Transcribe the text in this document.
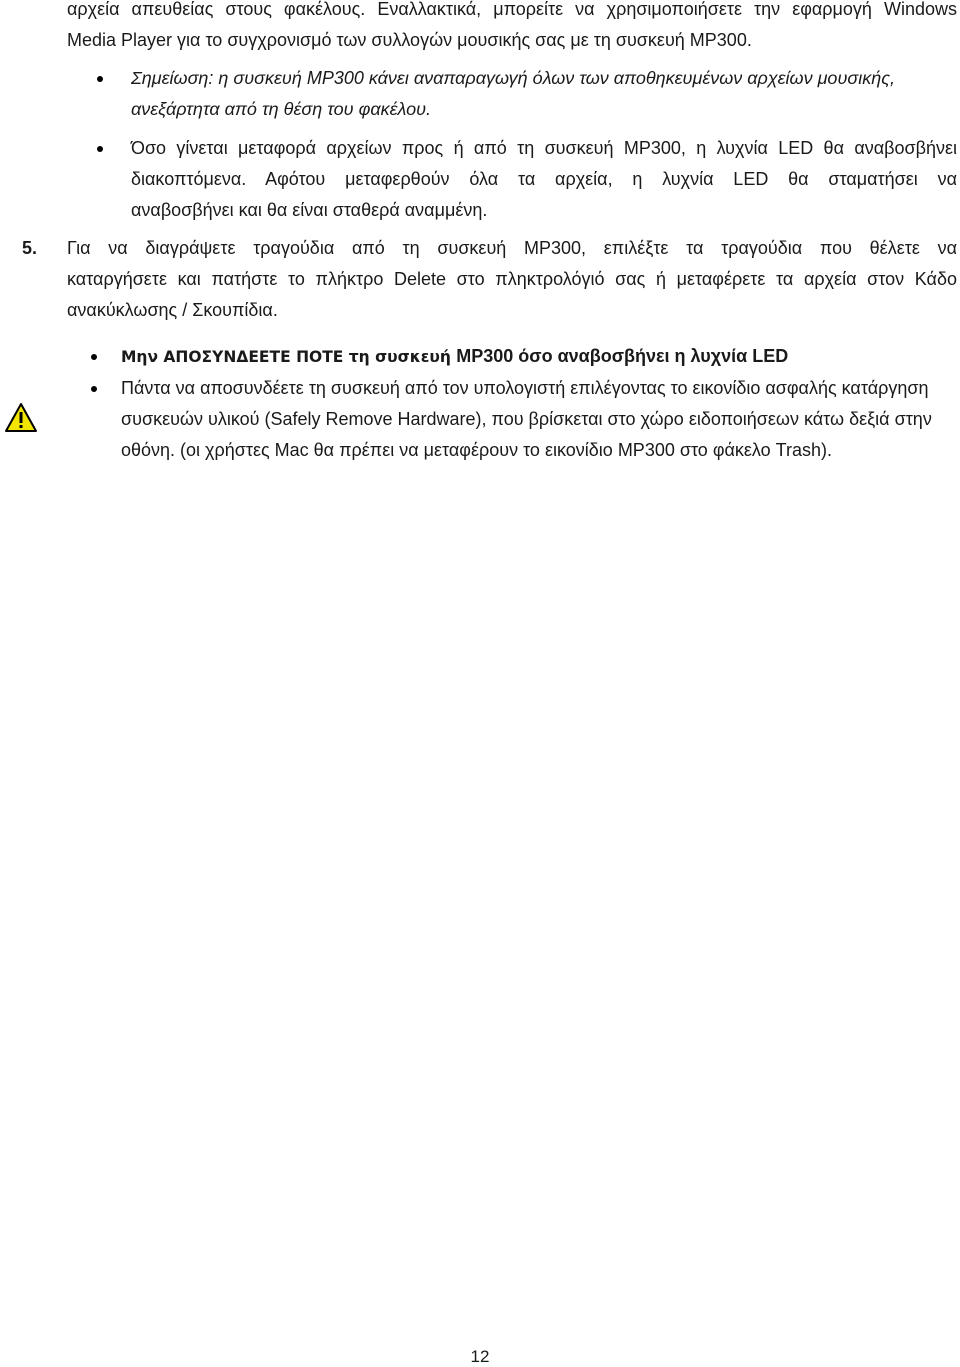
αρχεία απευθείας στους φακέλους. Εναλλακτικά, μπορείτε να χρησιμοποιήσετε την εφαρμογή Windows
Media Player για το συγχρονισμό των συλλογών μουσικής σας με τη συσκευή MP300.
Σημείωση: η συσκευή MP300 κάνει αναπαραγωγή όλων των αποθηκευμένων αρχείων μουσικής, ανεξάρτητα από τη θέση του φακέλου.
Όσο γίνεται μεταφορά αρχείων προς ή από τη συσκευή MP300, η λυχνία LED θα αναβοσβήνει
διακοπτόμενα. Αφότου μεταφερθούν όλα τα αρχεία, η λυχνία LED θα σταματήσει να
αναβοσβήνει και θα είναι σταθερά αναμμένη.
5. Για να διαγράψετε τραγούδια από τη συσκευή MP300, επιλέξτε τα τραγούδια που θέλετε να
καταργήσετε και πατήστε το πλήκτρο Delete στο πληκτρολόγιό σας ή μεταφέρετε τα αρχεία στον Κάδο
ανακύκλωσης / Σκουπίδια.
Μην ΑΠΟΣΥΝΔΕΕΤΕ ΠΟΤΕ τη συσκευή MP300 όσο αναβοσβήνει η λυχνία LED
Πάντα να αποσυνδέετε τη συσκευή από τον υπολογιστή επιλέγοντας το εικονίδιο ασφαλής κατάργηση συσκευών υλικού (Safely Remove Hardware), που βρίσκεται στο χώρο ειδοποιήσεων κάτω δεξιά στην οθόνη. (οι χρήστες Mac θα πρέπει να μεταφέρουν το εικονίδιο MP300 στο φάκελο Trash).
12
